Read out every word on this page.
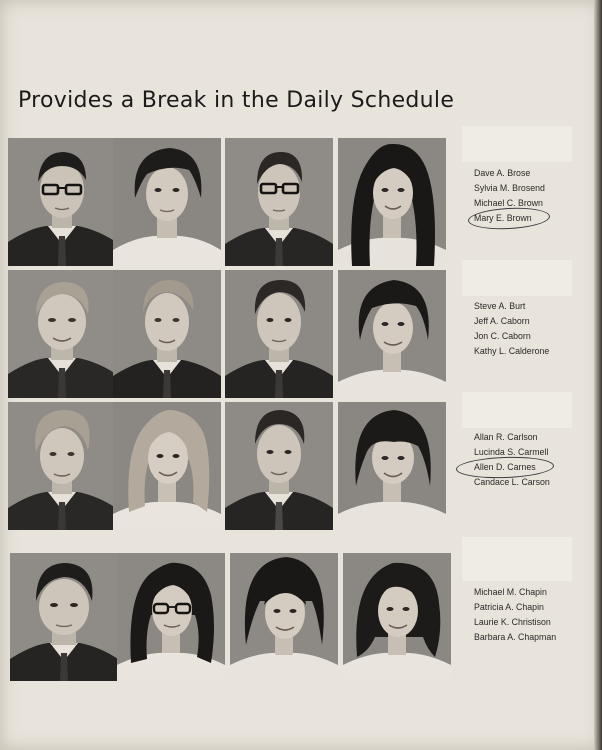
Provides a Break in the Daily Schedule
Dave A. Brose
Sylvia M. Brosend
Michael C. Brown
Mary E. Brown
Steve A. Burt
Jeff A. Caborn
Jon C. Caborn
Kathy L. Calderone
Allan R. Carlson
Lucinda S. Carmell
Allen D. Carnes
Candace L. Carson
Michael M. Chapin
Patricia A. Chapin
Laurie K. Christison
Barbara A. Chapman
